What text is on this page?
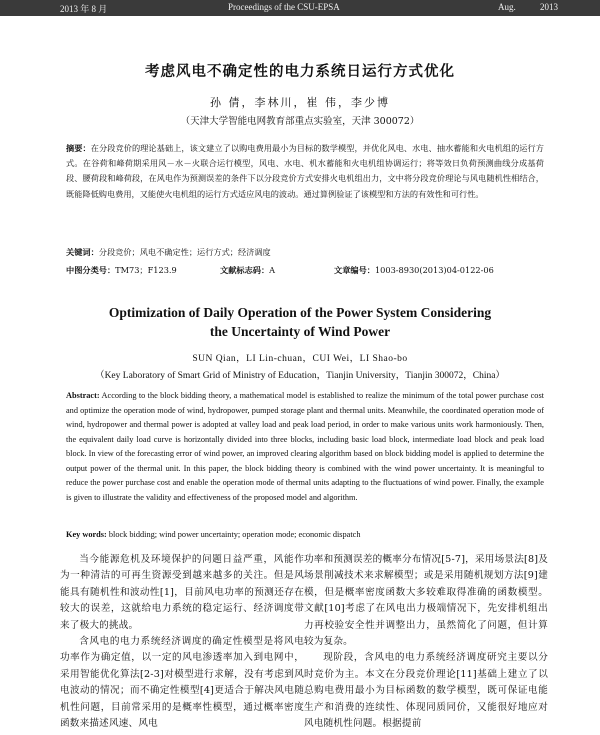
2013 年 8 月	Proceedings of the CSU-EPSA	Aug.	2013
考虑风电不确定性的电力系统日运行方式优化
孙 倩，李林川，崔 伟，李少博
（天津大学智能电网教育部重点实验室，天津 300072）
摘要：在分段竞价的理论基础上，该文建立了以购电费用最小为目标的数学模型，并优化风电、水电、抽水蓄能和火电机组的运行方式。在谷荷和峰荷期采用风－水－火联合运行模型，风电、水电、机水蓄能和火电机组协调运行；将等效日负荷预测曲线分成基荷段、腰荷段和峰荷段，在风电作为预测误差的条件下以分段竞价方式安排火电机组出力，文中将分段竞价理论与风电随机性相结合，既能降低购电费用，又能使火电机组的运行方式适应风电的波动。通过算例验证了该模型和方法的有效性和可行性。
关键词：分段竞价；风电不确定性；运行方式；经济调度
中图分类号：TM73；F123.9	文献标志码：A	文章编号：1003-8930(2013)04-0122-06
Optimization of Daily Operation of the Power System Considering
the Uncertainty of Wind Power
SUN Qian，LI Lin-chuan，CUI Wei，LI Shao-bo
（Key Laboratory of Smart Grid of Ministry of Education，Tianjin University，Tianjin 300072，China）
Abstract: According to the block bidding theory, a mathematical model is established to realize the minimum of the total power purchase cost and optimize the operation mode of wind, hydropower, pumped storage plant and thermal units. Meanwhile, the coordinated operation mode of wind, hydropower and thermal power is adopted at valley load and peak load period, in order to make various units work harmoniously. Then, the equivalent daily load curve is horizontally divided into three blocks, including basic load block, intermediate load block and peak load block. In view of the forecasting error of wind power, an improved clearing algorithm based on block bidding model is applied to determine the output power of the thermal unit. In this paper, the block bidding theory is combined with the wind power uncertainty. It is meaningful to reduce the power purchase cost and enable the operation mode of thermal units adapting to the fluctuations of wind power. Finally, the example is given to illustrate the validity and effectiveness of the proposed model and algorithm.
Key words: block bidding; wind power uncertainty; operation mode; economic dispatch

当今能源危机及环境保护的问题日益严重，风能作为一种清洁的可再生资源受到越来越多的关注。但是风能具有随机性和波动性[1]，目前风电功率的预测还存在较大的误差，这就给电力系统的稳定运行、经济调度带来了极大的挑战。

含风电的电力系统经济调度的确定性模型是将风电功率作为确定值，以一定的风电渗透率加入到电网中，采用智能优化算法[2-3]对模型进行求解，没有考虑到风电波动的情况；而不确定性模型[4]更适合于解决风电随机性问题，目前常采用的是概率性模型，通过概率密度函数来描述风速、风电

功率和预测误差的概率分布情况[5-7]，采用场景法[8]及场景削减技术来求解模型；或是采用随机规划方法[9]建模，但是概率密度函数大多较难取得准确的函数模型。文献[10]考虑了在风电出力极端情况下，先安排机组出力再校验安全性并调整出力，虽然简化了问题，但计算较为复杂。

现阶段，含风电的电力系统经济调度研究主要以分时竞价为主。本文在分段竞价理论[11]基础上建立了以总购电费用最小为目标函数的数学模型，既可保证电能生产和消费的连续性、体现同质同价，又能很好地应对风电随机性问题。根据提前
